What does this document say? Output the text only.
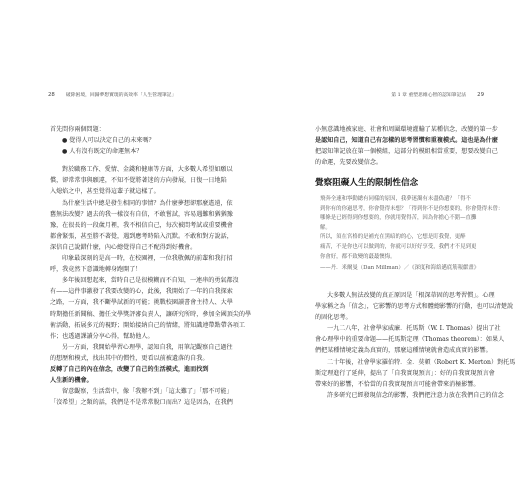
28 破除困境，回歸夢想實現的高效率「人生管理筆記」

首先問你兩個問題：

● 覺得人可以決定自己的未來嗎？

● 人有沒有既定的命運無本？

對於職務工作、愛情、金錢和健康等方面，大多數人希望如願以

償，卻常常事與願違，不知不覺將著迷的方向發展，日復一日地陷

入熄焰之中，甚至覺得這輩子就這樣了。

為什麼生活中總是發生相同的事情？為什麼夢想卻那麼遙遠，依

舊無法改變？過去的我一樣沒有自信，不敢嘗試，容易遇難和猶猶豫

豫，在很長的一段歲月裡，我不相信自己，每次被問考試或重要機會

都會緊張，甚至勝不著覺，遇到應考時陷入沉默。不敢和對方說話，

深信自己說錯什麼，內心總覺得自己不配得到好機會。

印象最深刻的是高一時，在校園裡，一位我敬佩的前輩和我打招

呼，我竟然下意識地轉身跑開了！

多年後回想起來，當時自己是很模糊而不自知，一連串的勇氣都沒

有——這件事激發了我要改變的心，此後，我開始了一年的自我探索

之路，一方面，我不斷學試新的可能；挑戰校園讀書會主持人、大學

時期擔任新聞稿、擔任文學獎評審負責人，讓研究所時，參加全國頂尖的學

術活動，拓展多元的視野；開始接納自己的情緒，將知識連帶點帶各項工

作；也透過課讀分享心得，幫助他人。

另一方面，我開始學習心理學，認知自我，用筆記觀察自己過往

的想歷和模式，找出其中的慣性，更看以前被遺落的自我。

反轉了自己的內在信念，改變了自己的生活模式，進而找到

人生新的機會。

留意觀察，生活當中，像「我辦不到」「這太難了」「那不可能」

「沒希望」之類的話，我們是不是常常脫口而出？這是因為，在我們

第 1 章 重塑思維心智的認知筆記法 29

小無意識地被家庭、社會和周圍環境灌輸了某種信念，改變的第一步

是認知自己，知道自己有怎樣的思考習慣和重複模式。這也是為什麼

把認知筆記放在第一個模組，這部分的模組相當重要，想要改變自己

的命運，先要改變信念。

覺察阻礙人生的限制性信念

飛奔全速和寧動總有同樣的原因，我夢迷濁有未盡偽遺？「得不

到你有的你過思考，你會覺得未想？「得到你不是你想要的，你會覺得未曾：

哪條是已經得到你想要的，你就用覺得苦，因為你擔心不錯—直攤

解。

所以，須在宮格的是補充在黑暗的的心，它想是盯我覺，更醉

痛苦，不是你也可以做到的，你就可以好好享受，我們才不見到更

你會好，都不致變的蕞蕞懊悔。

——丹．米爾曼（Dan Millman）／《深度和海絡邁底筋報獻畫》

大多數人無法改變的真正原因是「根深蒂固的思考習慣」。心理

學家稱之為「信念」，它影響的思考方式和體總影響的行動，也可以清楚說

的固化思考。

一九二八年，社會學家威廉．托馬斯（W. I. Thomas）提出了社

會心理學中的重要命題——托馬斯定理（Thomas theorem）：如果人

們把某種情境定義為真實的，那麼這種情境就會造成真實的影響。

二十年後，社會學家羅伯特．金．莫頓（Robert K. Merton）對托馬

斯定理進行了延伸，提出了「自我實現預言」：好的自我實現預言會

帶來好的影響，不恰當的自我實現預言可能會帶來消極影響。

許多研究已經發現信念的影響，我們把注意力放在我們自己的信念
